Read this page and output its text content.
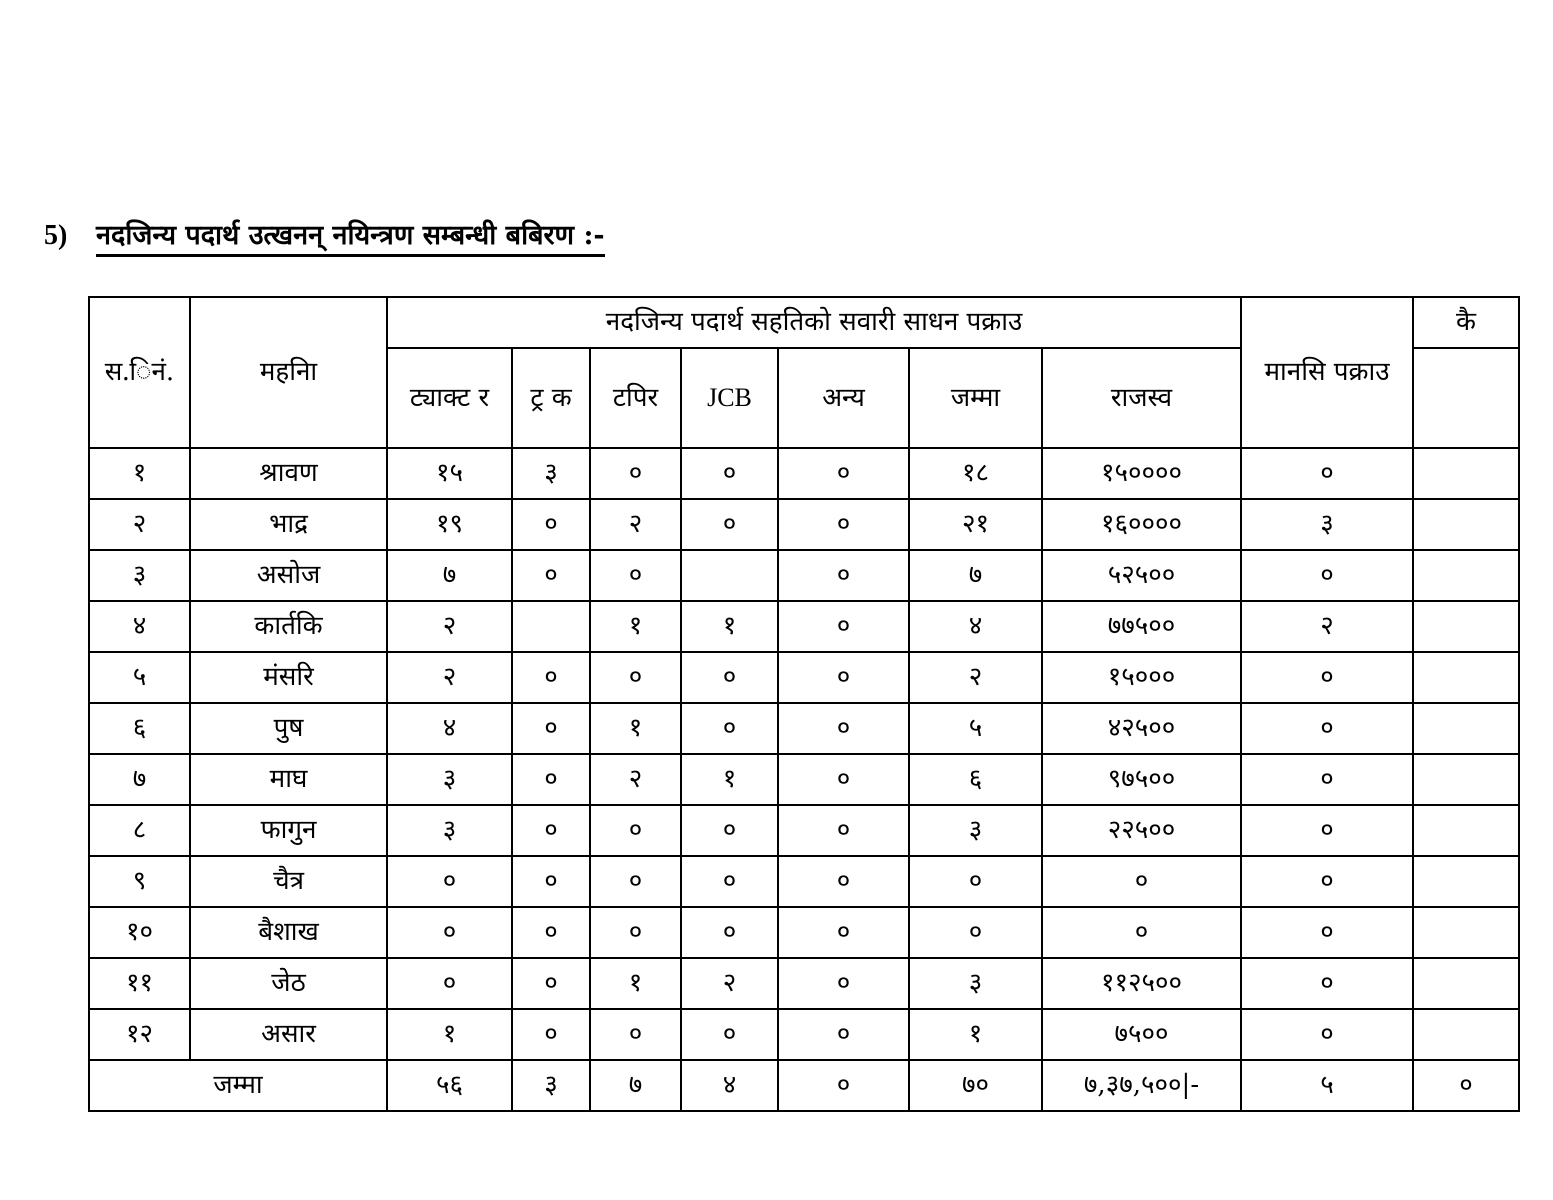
5)	नदजिन्य पदार्थ उत्खनन् नयिन्त्रण सम्बन्धी बबिरण :-
स.िनं.	महनिा	नदजिन्य पदार्थ सहतिको सवारी साधन पक्राउ							मानसि पक्राउ	कै
		ट्याक्ट र	ट्र क	टपिर	JCB	अन्य	जम्मा	राजस्व		
१	श्रावण	१५	३	०	०	०	१८	१५००००	०	
२	भाद्र	१९	०	२	०	०	२१	१६००००	३	
३	असोज	७	०	०		०	७	५२५००	०	
४	कार्तकि	२		१	१	०	४	७७५००	२	
५	मंसरि	२	०	०	०	०	२	१५०००	०	
६	पुष	४	०	१	०	०	५	४२५००	०	
७	माघ	३	०	२	१	०	६	९७५००	०	
८	फागुन	३	०	०	०	०	३	२२५००	०	
९	चैत्र	०	०	०	०	०	०	०	०	
१०	बैशाख	०	०	०	०	०	०	०	०	
११	जेठ	०	०	१	२	०	३	११२५००	०	
१२	असार	१	०	०	०	०	१	७५००	०	
जम्मा		५६	३	७	४	०	७०	७,३७,५००|-	५	०
